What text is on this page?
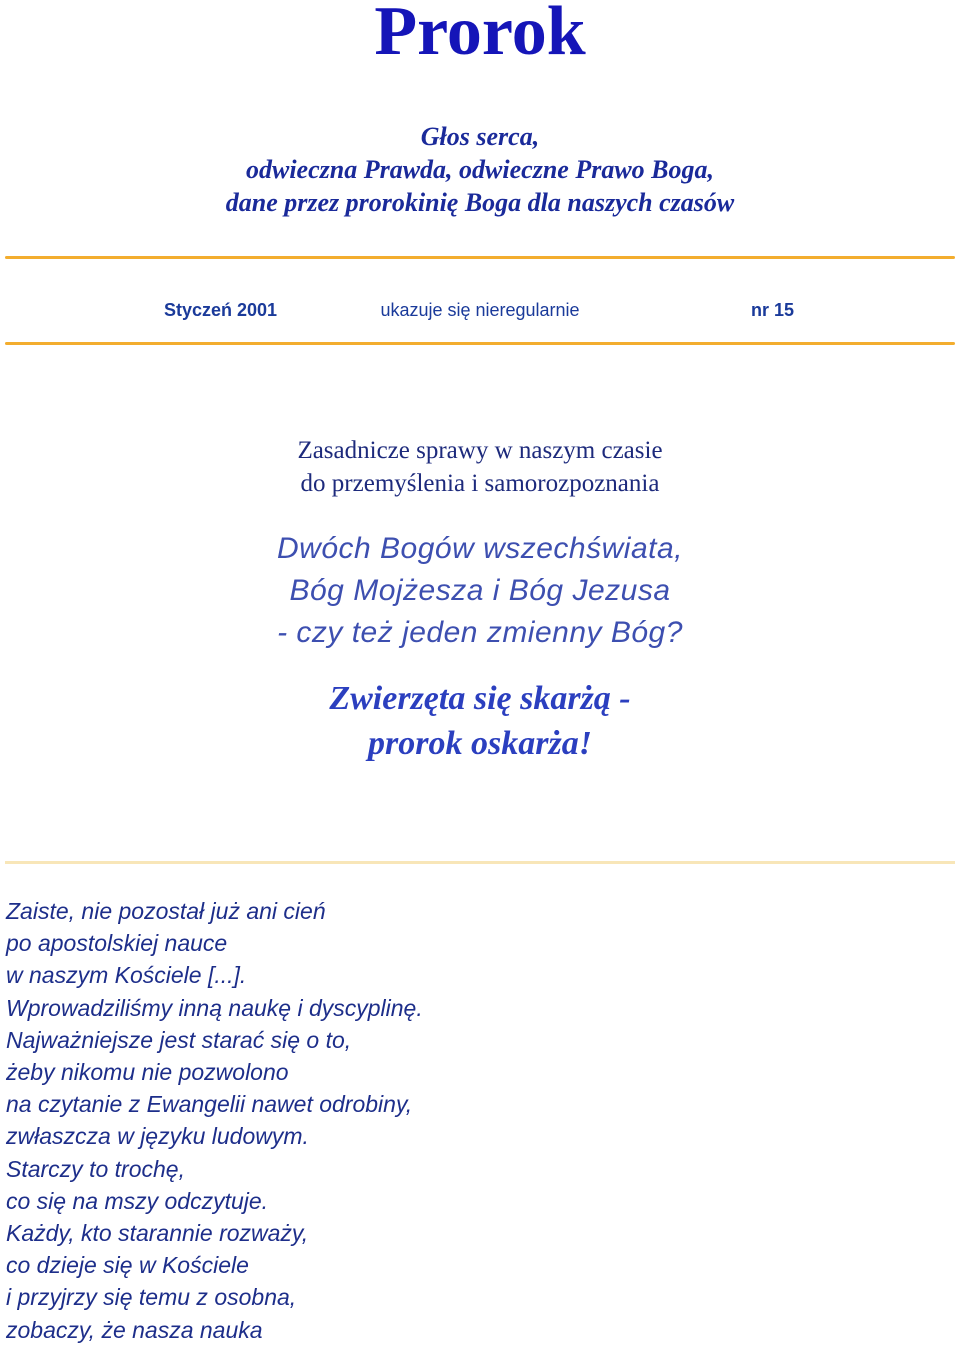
Prorok
Głos serca,
odwieczna Prawda, odwieczne Prawo Boga,
dane przez prorokinię Boga dla naszych czasów
ukazuje się nieregularnie
Styczeń 2001	nr 15
Zasadnicze sprawy w naszym czasie
do przemyślenia i samorozpoznania
Dwóch Bogów wszechświata,
Bóg Mojżesza i Bóg Jezusa
- czy też jeden zmienny Bóg?
Zwierzęta się skarżą -
prorok oskarża!
Zaiste, nie pozostał już ani cień
po apostolskiej nauce
w naszym Kościele [...].
Wprowadziliśmy inną naukę i dyscyplinę.
Najważniejsze jest starać się o to,
żeby nikomu nie pozwolono
na czytanie z Ewangelii nawet odrobiny,
zwłaszcza w języku ludowym.
Starczy to trochę,
co się na mszy odczytuje.
Każdy, kto starannie rozważy,
co dzieje się w Kościele
i przyjrzy się temu z osobna,
zobaczy, że nasza nauka
